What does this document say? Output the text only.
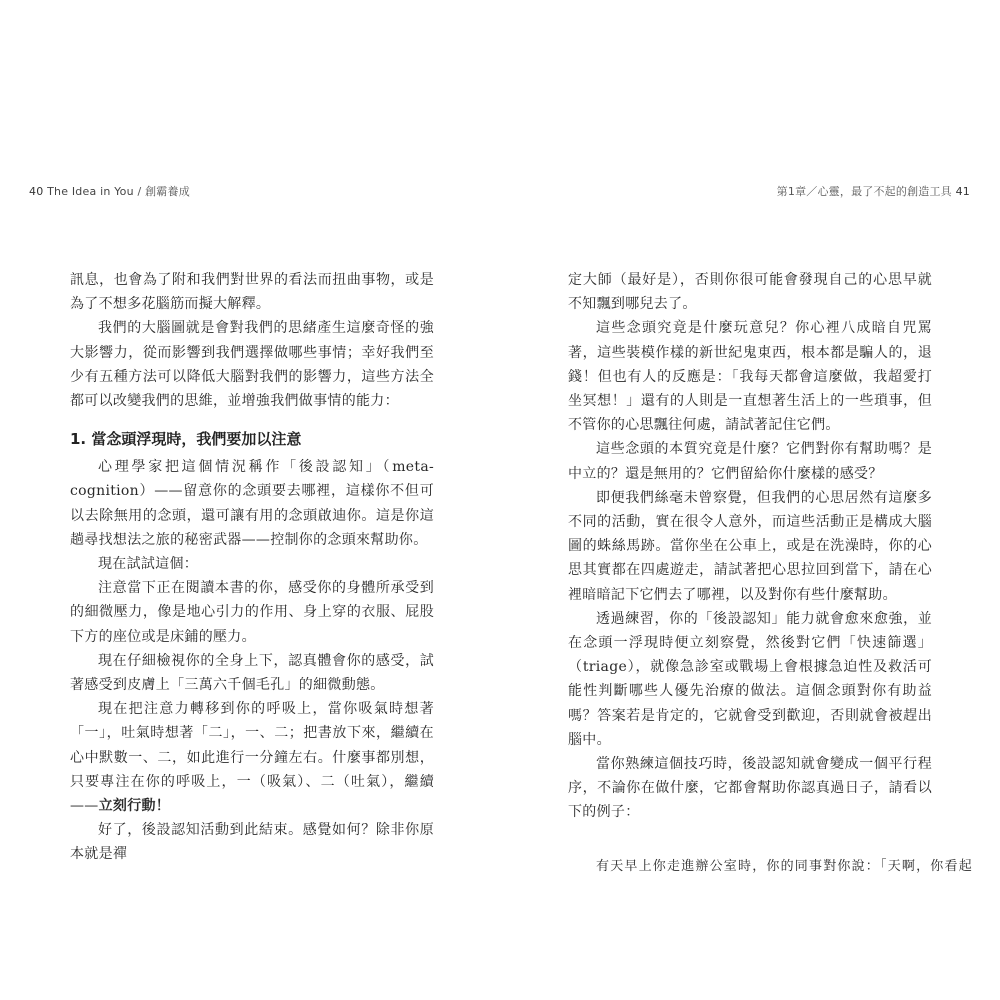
40 The Idea in You / 創霸養成

訊息，也會為了附和我們對世界的看法而扭曲事物，或是為了不想多花腦筋而擬大解釋。

我們的大腦圖就是會對我們的思緒產生這麼奇怪的強大影響力，從而影響到我們選擇做哪些事情；幸好我們至少有五種方法可以降低大腦對我們的影響力，這些方法全都可以改變我們的思維，並增強我們做事情的能力：

1. 當念頭浮現時，我們要加以注意

心理學家把這個情況稱作「後設認知」（meta-cognition）——留意你的念頭要去哪裡，這樣你不但可以去除無用的念頭，還可讓有用的念頭啟迪你。這是你這趟尋找想法之旅的秘密武器——控制你的念頭來幫助你。

現在試試這個：

注意當下正在閱讀本書的你，感受你的身體所承受到的細微壓力，像是地心引力的作用、身上穿的衣服、屁股下方的座位或是床鋪的壓力。

現在仔細檢視你的全身上下，認真體會你的感受，試著感受到皮膚上「三萬六千個毛孔」的細微動態。

現在把注意力轉移到你的呼吸上，當你吸氣時想著「一」，吐氣時想著「二」，一、二；把書放下來，繼續在心中默數一、二，如此進行一分鐘左右。什麼事都別想，只要專注在你的呼吸上，一（吸氣）、二（吐氣），繼續——立刻行動！

好了，後設認知活動到此結束。感覺如何？除非你原本就是禪

第1章／心靈，最了不起的創造工具 41

定大師（最好是），否則你很可能會發現自己的心思早就不知飄到哪兒去了。

這些念頭究竟是什麼玩意兒？你心裡八成暗自咒罵著，這些裝模作樣的新世紀鬼東西，根本都是騙人的，退錢！但也有人的反應是：「我每天都會這麼做，我超愛打坐冥想！」還有的人則是一直想著生活上的一些瑣事，但不管你的心思飄往何處，請試著記住它們。

這些念頭的本質究竟是什麼？它們對你有幫助嗎？是中立的？還是無用的？它們留給你什麼樣的感受？

即便我們絲毫未曾察覺，但我們的心思居然有這麼多不同的活動，實在很令人意外，而這些活動正是構成大腦圖的蛛絲馬跡。當你坐在公車上，或是在洗澡時，你的心思其實都在四處遊走，請試著把心思拉回到當下，請在心裡暗暗記下它們去了哪裡，以及對你有些什麼幫助。

透過練習，你的「後設認知」能力就會愈來愈強，並在念頭一浮現時便立刻察覺，然後對它們「快速篩選」（triage），就像急診室或戰場上會根據急迫性及救活可能性判斷哪些人優先治療的做法。這個念頭對你有助益嗎？答案若是肯定的，它就會受到歡迎，否則就會被趕出腦中。

當你熟練這個技巧時，後設認知就會變成一個平行程序，不論你在做什麼，它都會幫助你認真過日子，請看以下的例子：

有天早上你走進辦公室時，你的同事對你說：「天啊，你看起
